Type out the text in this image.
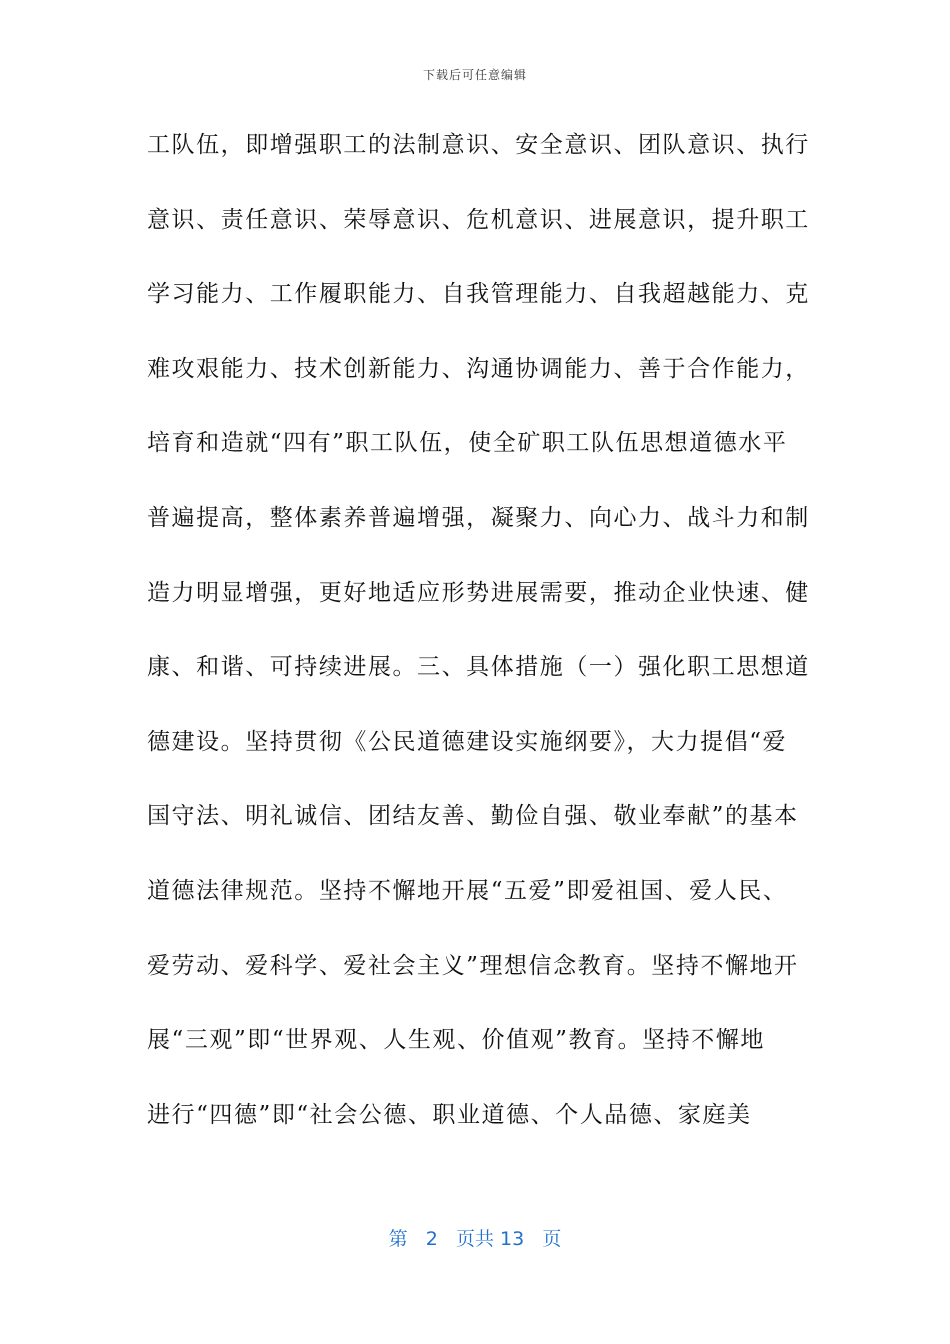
下载后可任意编辑
工队伍，即增强职工的法制意识、安全意识、团队意识、执行
意识、责任意识、荣辱意识、危机意识、进展意识，提升职工
学习能力、工作履职能力、自我管理能力、自我超越能力、克
难攻艰能力、技术创新能力、沟通协调能力、善于合作能力，
培育和造就“四有”职工队伍，使全矿职工队伍思想道德水平
普遍提高，整体素养普遍增强，凝聚力、向心力、战斗力和制
造力明显增强，更好地适应形势进展需要，推动企业快速、健
康、和谐、可持续进展。三、具体措施（一）强化职工思想道
德建设。坚持贯彻《公民道德建设实施纲要》，大力提倡“爱
国守法、明礼诚信、团结友善、勤俭自强、敬业奉献”的基本
道德法律规范。坚持不懈地开展“五爱”即爱祖国、爱人民、
爱劳动、爱科学、爱社会主义”理想信念教育。坚持不懈地开
展“三观”即“世界观、人生观、价值观”教育。坚持不懈地
进行“四德”即“社会公德、职业道德、个人品德、家庭美
第 2 页共 13 页
